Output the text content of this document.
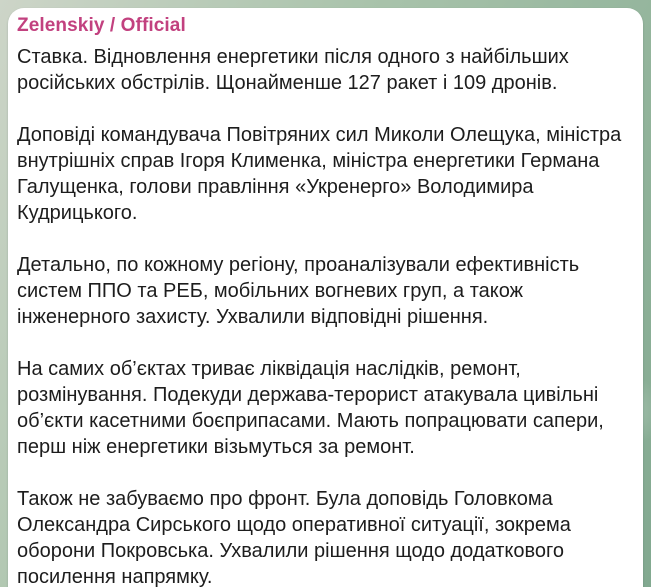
Zelenskiy / Official

Ставка. Відновлення енергетики після одного з найбільших російських обстрілів. Щонайменше 127 ракет і 109 дронів.

Доповіді командувача Повітряних сил Миколи Олещука, міністра внутрішніх справ Ігоря Клименка, міністра енергетики Германа Галущенка, голови правління «Укренерго» Володимира Кудрицького.

Детально, по кожному регіону, проаналізували ефективність систем ППО та РЕБ, мобільних вогневих груп, а також інженерного захисту. Ухвалили відповідні рішення.

На самих об’єктах триває ліквідація наслідків, ремонт, розмінування. Подекуди держава-терорист атакувала цивільні об’єкти касетними боєприпасами. Мають попрацювати сапери, перш ніж енергетики візьмуться за ремонт.

Також не забуваємо про фронт. Була доповідь Головкома Олександра Сирського щодо оперативної ситуації, зокрема оборони Покровська. Ухвалили рішення щодо додаткового посилення напрямку.
